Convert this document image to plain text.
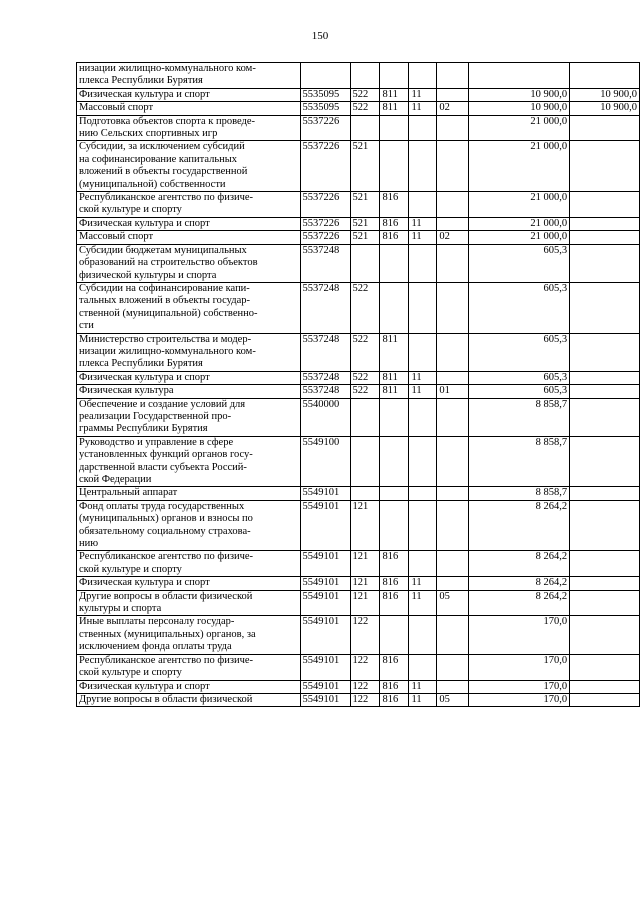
150
низации жилищно-коммунального ком-
плекса Республики Бурятия							
Физическая культура и спорт	5535095	522	811	11		10 900,0	10 900,0
Массовый спорт	5535095	522	811	11	02	10 900,0	10 900,0
Подготовка объектов спорта к проведе-
нию Сельских спортивных игр	5537226					21 000,0	
Субсидии, за исключением субсидий
на софинансирование капитальных
вложений в объекты государственной
(муниципальной) собственности	5537226	521				21 000,0	
Республиканское агентство по физиче-
ской культуре и спорту	5537226	521	816			21 000,0	
Физическая культура и спорт	5537226	521	816	11		21 000,0	
Массовый спорт	5537226	521	816	11	02	21 000,0	
Субсидии бюджетам муниципальных
образований на строительство объектов
физической культуры и спорта	5537248					605,3	
Субсидии на софинансирование капи-
тальных вложений в объекты государ-
ственной (муниципальной) собственно-
сти	5537248	522				605,3	
Министерство строительства и модер-
низации жилищно-коммунального ком-
плекса Республики Бурятия	5537248	522	811			605,3	
Физическая культура и спорт	5537248	522	811	11		605,3	
Физическая культура	5537248	522	811	11	01	605,3	
Обеспечение и создание условий для
реализации Государственной про-
граммы Республики Бурятия	5540000					8 858,7	
Руководство и управление в сфере
установленных функций органов госу-
дарственной власти субъекта Россий-
ской Федерации	5549100					8 858,7	
Центральный аппарат	5549101					8 858,7	
Фонд оплаты труда государственных
(муниципальных) органов и взносы по
обязательному социальному страхова-
нию	5549101	121				8 264,2	
Республиканское агентство по физиче-
ской культуре и спорту	5549101	121	816			8 264,2	
Физическая культура и спорт	5549101	121	816	11		8 264,2	
Другие вопросы в области физической
культуры и спорта	5549101	121	816	11	05	8 264,2	
Иные выплаты персоналу государ-
ственных (муниципальных) органов, за
исключением фонда оплаты труда	5549101	122				170,0	
Республиканское агентство по физиче-
ской культуре и спорту	5549101	122	816			170,0	
Физическая культура и спорт	5549101	122	816	11		170,0	
Другие вопросы в области физической	5549101	122	816	11	05	170,0	
